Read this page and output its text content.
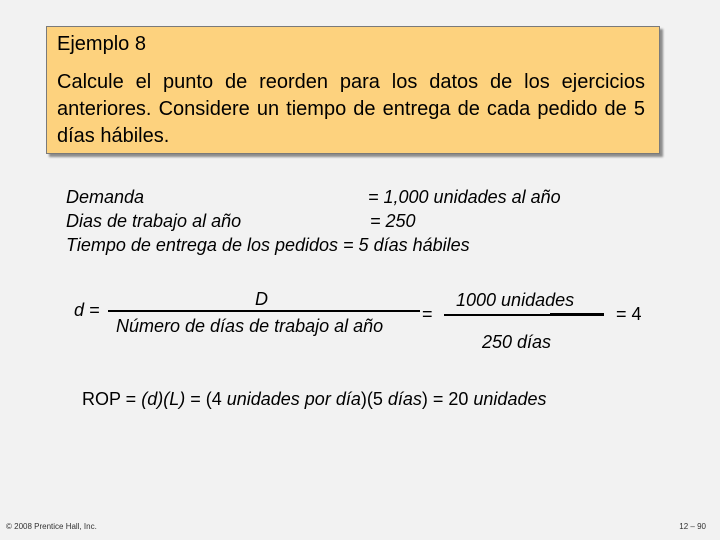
Ejemplo 8
Calcule el punto de reorden para los datos de los ejercicios anteriores. Considere un tiempo de entrega de cada pedido de 5 días hábiles.
Demanda	= 1,000 unidades al año
Dias de trabajo al año	= 250
Tiempo de entrega de los pedidos = 5 días hábiles
d =
D
Número de días de trabajo al año
=
1000 unidades
250 días
= 4
ROP = (d)(L) = (4 unidades por día)(5 días) = 20 unidades
© 2008 Prentice Hall, Inc.	12 – 90
